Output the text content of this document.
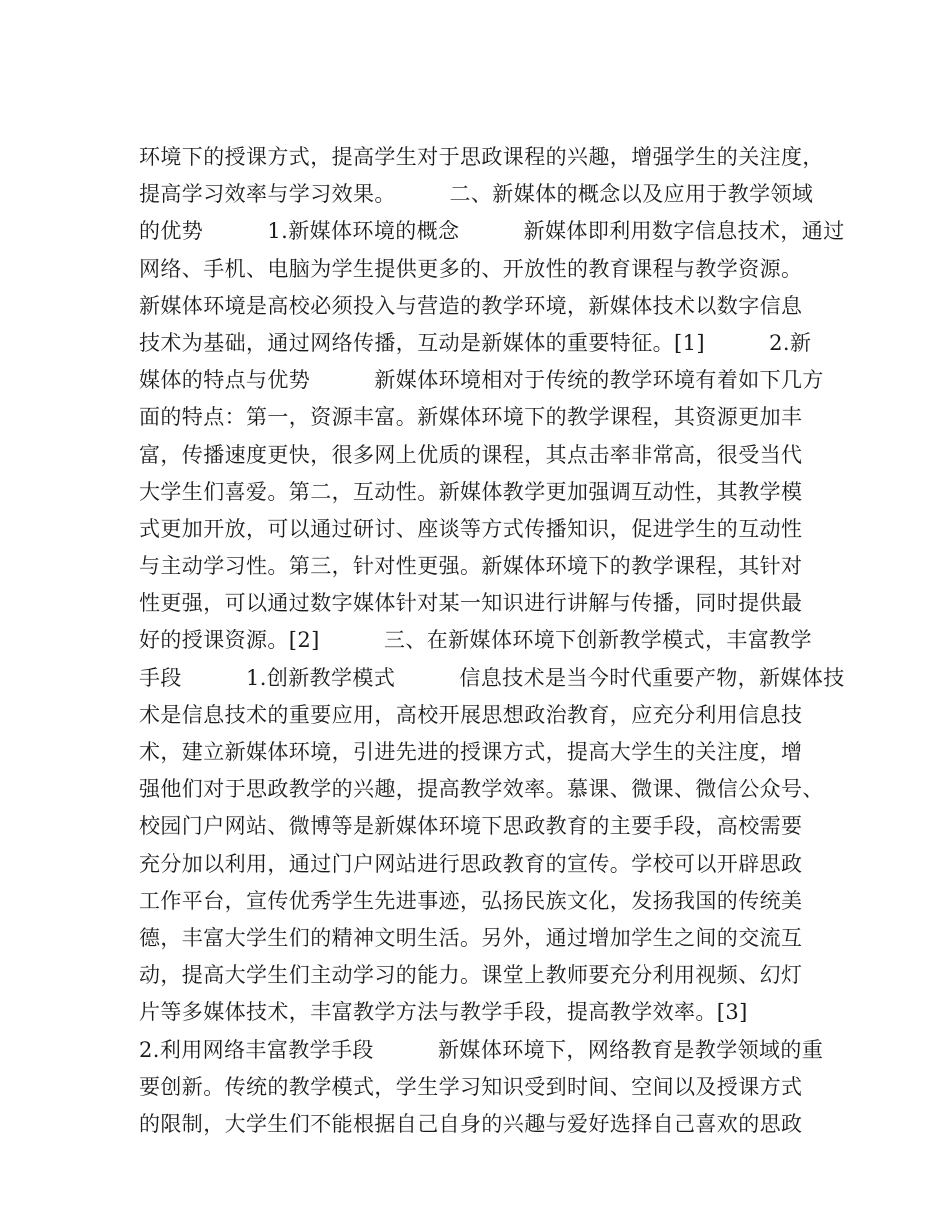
环境下的授课方式，提高学生对于思政课程的兴趣，增强学生的关注度，
提高学习效率与学习效果。　　　二、新媒体的概念以及应用于教学领域
的优势　　　1.新媒体环境的概念　　　新媒体即利用数字信息技术，通过
网络、手机、电脑为学生提供更多的、开放性的教育课程与教学资源。
新媒体环境是高校必须投入与营造的教学环境，新媒体技术以数字信息
技术为基础，通过网络传播，互动是新媒体的重要特征。[1]　　　2.新
媒体的特点与优势　　　新媒体环境相对于传统的教学环境有着如下几方
面的特点：第一，资源丰富。新媒体环境下的教学课程，其资源更加丰
富，传播速度更快，很多网上优质的课程，其点击率非常高，很受当代
大学生们喜爱。第二，互动性。新媒体教学更加强调互动性，其教学模
式更加开放，可以通过研讨、座谈等方式传播知识，促进学生的互动性
与主动学习性。第三，针对性更强。新媒体环境下的教学课程，其针对
性更强，可以通过数字媒体针对某一知识进行讲解与传播，同时提供最
好的授课资源。[2]　　　三、在新媒体环境下创新教学模式，丰富教学
手段　　　1.创新教学模式　　　信息技术是当今时代重要产物，新媒体技
术是信息技术的重要应用，高校开展思想政治教育，应充分利用信息技
术，建立新媒体环境，引进先进的授课方式，提高大学生的关注度，增
强他们对于思政教学的兴趣，提高教学效率。慕课、微课、微信公众号、
校园门户网站、微博等是新媒体环境下思政教育的主要手段，高校需要
充分加以利用，通过门户网站进行思政教育的宣传。学校可以开辟思政
工作平台，宣传优秀学生先进事迹，弘扬民族文化，发扬我国的传统美
德，丰富大学生们的精神文明生活。另外，通过增加学生之间的交流互
动，提高大学生们主动学习的能力。课堂上教师要充分利用视频、幻灯
片等多媒体技术，丰富教学方法与教学手段，提高教学效率。[3]
2.利用网络丰富教学手段　　　新媒体环境下，网络教育是教学领域的重
要创新。传统的教学模式，学生学习知识受到时间、空间以及授课方式
的限制，大学生们不能根据自己自身的兴趣与爱好选择自己喜欢的思政
